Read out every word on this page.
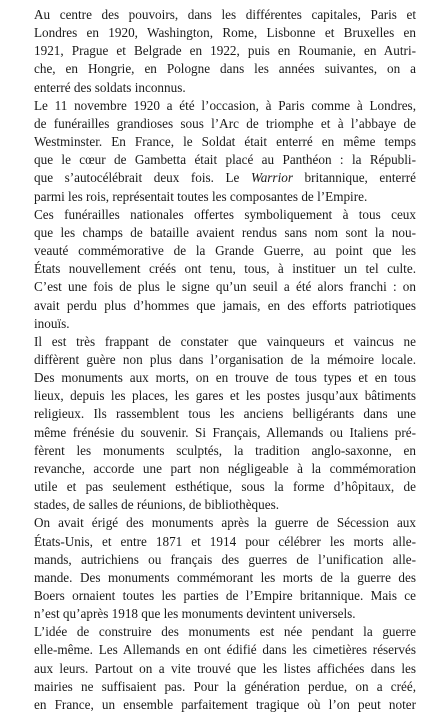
Au centre des pouvoirs, dans les différentes capitales, Paris et
Londres en 1920, Washington, Rome, Lisbonne et Bruxelles en
1921, Prague et Belgrade en 1922, puis en Roumanie, en Autri-
che, en Hongrie, en Pologne dans les années suivantes, on a
enterré des soldats inconnus.

Le 11 novembre 1920 a été l’occasion, à Paris comme à Londres,
de funérailles grandioses sous l’Arc de triomphe et à l’abbaye de
Westminster. En France, le Soldat était enterré en même temps
que le cœur de Gambetta était placé au Panthéon : la Républi-
que s’autocélébrait deux fois. Le Warrior britannique, enterré
parmi les rois, représentait toutes les composantes de l’Empire.

Ces funérailles nationales offertes symboliquement à tous ceux
que les champs de bataille avaient rendus sans nom sont la nou-
veauté commémorative de la Grande Guerre, au point que les
États nouvellement créés ont tenu, tous, à instituer un tel culte.
C’est une fois de plus le signe qu’un seuil a été alors franchi : on
avait perdu plus d’hommes que jamais, en des efforts patriotiques
inouïs.

Il est très frappant de constater que vainqueurs et vaincus ne
diffèrent guère non plus dans l’organisation de la mémoire locale.
Des monuments aux morts, on en trouve de tous types et en tous
lieux, depuis les places, les gares et les postes jusqu’aux bâtiments
religieux. Ils rassemblent tous les anciens belligérants dans une
même frénésie du souvenir. Si Français, Allemands ou Italiens pré-
fèrent les monuments sculptés, la tradition anglo-saxonne, en
revanche, accorde une part non négligeable à la commémoration
utile et pas seulement esthétique, sous la forme d’hôpitaux, de
stades, de salles de réunions, de bibliothèques.

On avait érigé des monuments après la guerre de Sécession aux
États-Unis, et entre 1871 et 1914 pour célébrer les morts alle-
mands, autrichiens ou français des guerres de l’unification alle-
mande. Des monuments commémorant les morts de la guerre des
Boers ornaient toutes les parties de l’Empire britannique. Mais ce
n’est qu’après 1918 que les monuments devintent universels.

L’idée de construire des monuments est née pendant la guerre
elle-même. Les Allemands en ont édifié dans les cimetières réservés
aux leurs. Partout on a vite trouvé que les listes affichées dans les
mairies ne suffisaient pas. Pour la génération perdue, on a créé,
en France, un ensemble parfaitement tragique où l’on peut noter
